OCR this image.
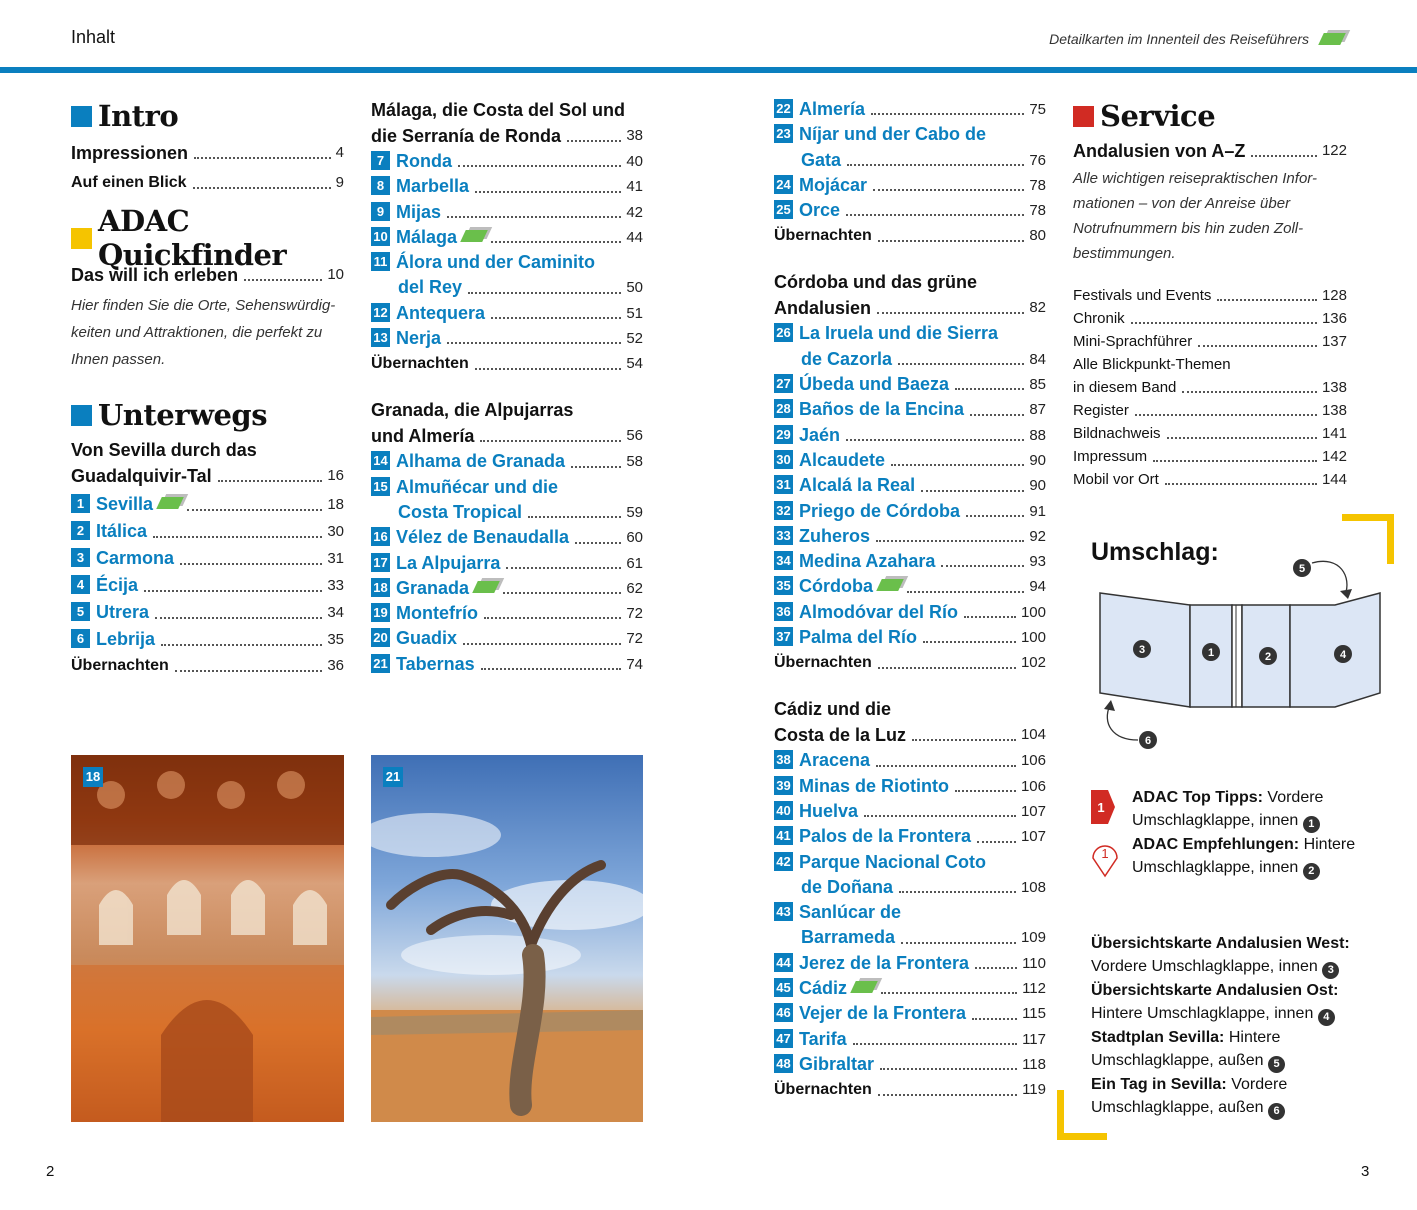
Inhalt	Detailkarten im Innenteil des Reiseführers
Intro
Impressionen	4
Auf einen Blick	9
ADAC Quickfinder
Das will ich erleben	10
Hier finden Sie die Orte, Sehenswürdig-
keiten und Attraktionen, die perfekt zu
Ihnen passen.
Unterwegs
Von Sevilla durch das
Guadalquivir-Tal	16
1 Sevilla	18
2 Itálica	30
3 Carmona	31
4 Écija	33
5 Utrera	34
6 Lebrija	35
Übernachten	36
Málaga, die Costa del Sol und
die Serranía de Ronda	38
7 Ronda	40
8 Marbella	41
9 Mijas	42
10 Málaga	44
11 Álora und der Caminito
del Rey	50
12 Antequera	51
13 Nerja	52
Übernachten	54
Granada, die Alpujarras
und Almería	56
14 Alhama de Granada	58
15 Almuñécar und die
Costa Tropical	59
16 Vélez de Benaudalla	60
17 La Alpujarra	61
18 Granada	62
19 Montefrío	72
20 Guadix	72
21 Tabernas	74
22 Almería	75
23 Níjar und der Cabo de
Gata	76
24 Mojácar	78
25 Orce	78
Übernachten	80
Córdoba und das grüne
Andalusien	82
26 La Iruela und die Sierra
de Cazorla	84
27 Úbeda und Baeza	85
28 Baños de la Encina	87
29 Jaén	88
30 Alcaudete	90
31 Alcalá la Real	90
32 Priego de Córdoba	91
33 Zuheros	92
34 Medina Azahara	93
35 Córdoba	94
36 Almodóvar del Río	100
37 Palma del Río	100
Übernachten	102
Cádiz und die
Costa de la Luz	104
38 Aracena	106
39 Minas de Riotinto	106
40 Huelva	107
41 Palos de la Frontera	107
42 Parque Nacional Coto
de Doñana	108
43 Sanlúcar de
Barrameda	109
44 Jerez de la Frontera	110
45 Cádiz	112
46 Vejer de la Frontera	115
47 Tarifa	117
48 Gibraltar	118
Übernachten	119
Service
Andalusien von A–Z	122
Alle wichtigen reisepraktischen Infor-
mationen – von der Anreise über
Notrufnummern bis hin zuden Zoll-
bestimmungen.
Festivals und Events	128
Chronik	136
Mini-Sprachführer	137
Alle Blickpunkt-Themen
in diesem Band	138
Register	138
Bildnachweis	141
Impressum	142
Mobil vor Ort	144
Umschlag:
3	1	2	4
5
6
1
1
ADAC Top Tipps: Vordere
Umschlagklappe, innen 1
ADAC Empfehlungen: Hintere
Umschlagklappe, innen 2
Übersichtskarte Andalusien West:
Vordere Umschlagklappe, innen 3
Übersichtskarte Andalusien Ost:
Hintere Umschlagklappe, innen 4
Stadtplan Sevilla: Hintere
Umschlagklappe, außen 5
Ein Tag in Sevilla: Vordere
Umschlagklappe, außen 6
18	21
2	3
